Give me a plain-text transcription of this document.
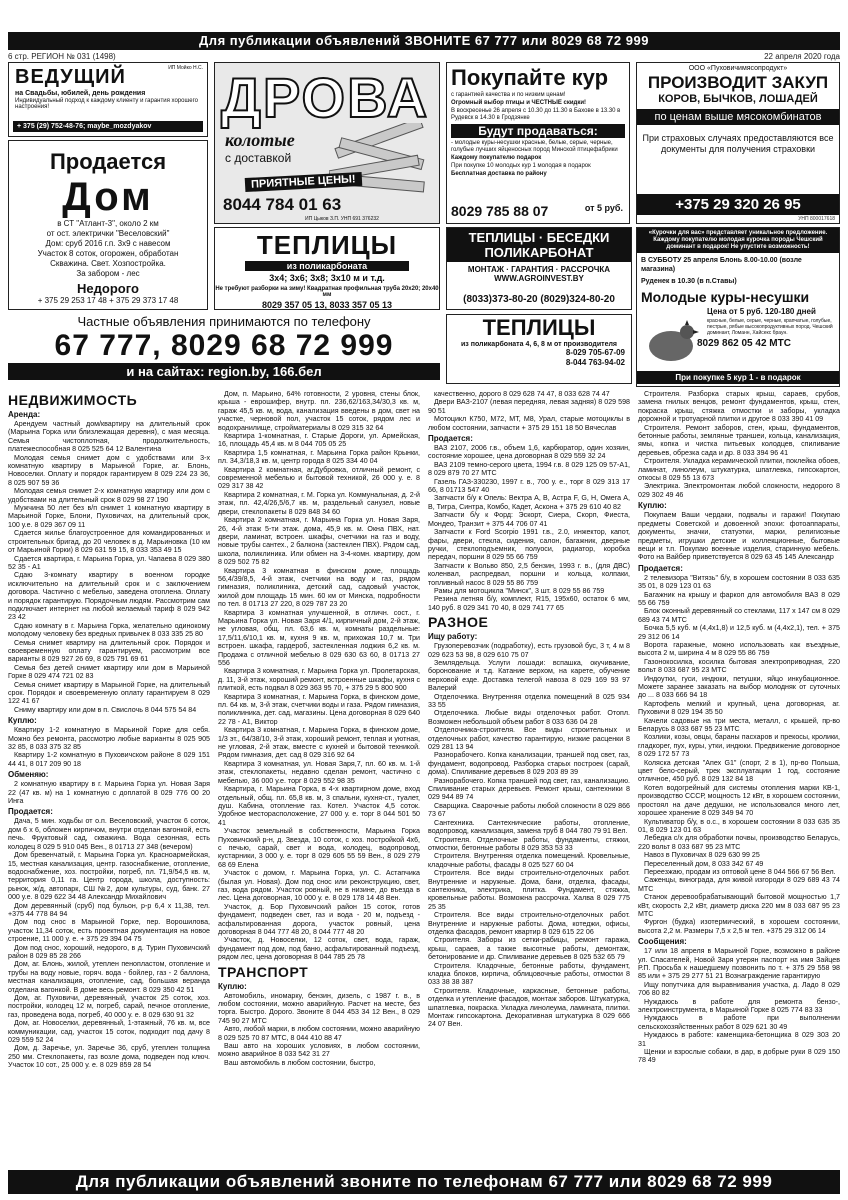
Для публикации объявлений ЗВОНИТЕ 67 777 или 8029 68 72 999
6 стр. РЕГИОН № 031 (1498)	22 апреля 2020 года
ИП Мойко Н.С.
ВЕДУЩИЙ
на Свадьбы, юбилей, день рождения
Индивидуальный подход к каждому клиенту и гарантия хорошего настроения!
+ 375 (29) 752-48-76; maybe_mozdyakov
Продается
Дом
в СТ "Атлант-3", около 2 км
от ост. электрички "Веселовский"
Дом: сруб 2016 г.п. 3х9 с навесом
Участок 8 соток, огорожен, обработан
Скважина. Свет. Хозпостройка.
За забором - лес
Недорого
+ 375 29 253 17 48 + 375 29 373 17 48
ДРОВА
колотые
с доставкой
ПРИЯТНЫЕ ЦЕНЫ!
8044 784 01 63
ИП Цыков З.П. УНП 691 376232
ТЕПЛИЦЫ
из поликарбоната
3х4; 3х6; 3х8; 3х10 м и т.д.
Не требуют разборки на зиму! Квадратная профильная труба 20х20; 20х40 мм
8029 357 05 13, 8033 357 05 13
Покупайте кур
с гарантией качества и по низким ценам!
Огромный выбор птицы и ЧЕСТНЫЕ скидки!
В воскресенье 26 апреля с 10.30 до 11.30 в Бахове в 13.30 в Рудевск в 14.30 в Гродзянке
Будут продаваться:
- молодые куры-несушки красные, белые, серые, черные, голубые лучших яйценосных пород Минской птицефабрики
Каждому покупателю подарок
При покупке 10 молодых кур 1 молодая в подарок
Бесплатная доставка по району
8029 785 88 07	от 5 руб.
ООО «Пуховичимясопродукт»
ПРОИЗВОДИТ ЗАКУП
КОРОВ, БЫЧКОВ, ЛОШАДЕЙ
по ценам выше мясокомбинатов
При страховых случаях предоставляются все документы для получения страховки
+375 29 320 26 95
УНП 800017618
ТЕПЛИЦЫ · БЕСЕДКИ ПОЛИКАРБОНАТ
МОНТАЖ · ГАРАНТИЯ · РАССРОЧКА
WWW.AGROINVEST.BY
(8033)373-80-20 (8029)324-80-20
«Курочки для вас» представляет уникальное предложение. Каждому покупателю молодая курочка породы Чешский доминант в подарок! Не упустите возможность!
В СУББОТУ 25 апреля Блонь 8.00-10.00 (возле магазина)
Руденек в 10.30 (в п.Ставы)
Молодые куры-несушки
Цена от 5 руб. 120-180 дней
красные, белые, серые, черные, крапчатые, голубые, пестрые, рябые высокопродуктивных пород. Чешский доминант, Ломанн, Хайсекс браун.
8029 862 05 42 МТС
При покупке 5 кур 1 - в подарок
Частные объявления принимаются по телефону
67 777, 8029 68 72 999
и на сайтах: region.by, 166.бел
ТЕПЛИЦЫ
из поликарбоната 4, 6, 8 м от производителя
8-029 705-67-09
8-044 763-94-02
НЕДВИЖИМОСТЬ
Аренда:

Арендуем частный дом/квартиру на длительный срок (Марьина Горка или близлежащая деревня), с мая месяца. Семья чистоплотная, продолжительность, платежеспособная 8 025 525 64 12 Валентина

Молодая семья снимет дом с удобствами или 3-х комнатную квартиру в Марьиной Горке, аг. Блонь, Новоселки. Оплату и порядок гарантируем 8 029 224 23 36, 8 025 907 59 36

Молодая семья снимет 2-х комнатную квартиру или дом с удобствами на длительный срок 8 029 98 27 190

Мужчина 50 лет без в/п снимет 1 комнатную квартиру в Марьиной Горке, Блони, Пуховичах, на длительный срок, 100 у.е. 8 029 367 09 11

Сдается жилье благоустроенное для командированных и строительных бригад, до 20 человек в д. Марьиновка (10 км от Марьиной Горки) 8 029 631 59 15, 8 033 353 49 15

Сдается квартира, г. Марьина Горка, ул. Чапаева 8 029 380 52 35 - А1

Сдаю 3-комнату квартиру в военном городке исключительно на длительный срок и с заключением договора. Частично с мебелью, заведена отоплена. Оплату и порядок гарантирую. Порядочным людям. Рассмотрим сам подключает интернет на любой желаемый тариф 8 029 942 23 42

Сдаю комнату в г. Марьина Горка, желательно одинокому молодому человеку без вредных привычек 8 033 335 25 80

Семья снимет квартиру на длительный срок. Порядок и своевременную оплату гарантируем, рассмотрим все варианты 8 029 927 26 69, 8 025 791 69 61

Семья без детей снимет квартиру или дом в Марьиной Горке 8 029 474 721 02 83

Семья снимет квартиру в Марьиной Горке, на длительный срок. Порядок и своевременную оплату гарантируем 8 029 122 41 67

Сниму квартиру или дом в п. Свислочь 8 044 575 54 84

Куплю:

Квартиру 1-2 комнатную в Марьиной Горке для себя. Можно без ремонта, рассмотрю любые варианты 8 025 905 32 85, 8 033 375 32 85

Квартиру 1-2 комнатную в Пуховичском районе 8 029 151 44 41, 8 017 209 90 18

Обменяю:

2 комнатную квартиру в г. Марьина Горка ул. Новая Заря 22 (47 кв. м) на 1 комнатную с доплатой 8 029 776 00 20 Инга

Продается:

Дача, 5 мин. ходьбы от о.п. Веселовский, участок 6 соток, дом 6 х 6, обложен кирпичом, внутри отделан вагонкой, есть печь. Фруктовый сад, скважина. Вода сезонная, есть колодец 8 029 5 910 045 Вен., 8 01713 27 348 (вечером)

Дом бревенчатый, г. Марьина Горка ул. Красноармейская, 15, местная канализация, центр. газоснабжение, отопление, водоснабжение, хоз. постройки, погреб, пл. 71,9/54,5 кв. м, территория 0,11 га. Центр города, школа, доступность: рынок, ж/д, автопарк, СШ №2, дом культуры, суд, банк. 27 000 у.е. 8 029 622 34 48 Александр Михайлович

Дом деревянный (сруб) под бульон, р-р 6,4 х 11,38, тел. +375 44 778 84 94

Дом под снос в Марьиной Горке, пер. Ворошилова, участок 11,34 соток, есть проектная документация на новое строение, 11 000 у. е. + 375 29 394 04 75

Дом под снос, хороший, недорого, в д. Турин Пуховичский район 8 029 85 28 266

Дом, аг. Блонь, жилой, утеплен пенопластом, отопление и трубы на воду новые, горяч. вода - бойлер, газ - 2 баллона, местная канализация, отопление, сад, большая веранда отделана вагонкой. В доме весь ремонт. 8 029 350 42 51

Дом, аг. Пуховичи, деревянный, участок 25 соток, хоз. постройки, колодец 12 м, погреб, сарай, печное отопление, газ, проведена вода, погреб, 40 000 у. е. 8 029 630 91 32

Дом, аг. Новоселки, деревянный, 1-этажный, 76 кв. м, все коммуникации, сад, участок 15 соток, подходит под дачу 8 029 559 52 24

Дом, д. Заречье, ул. Заречье 36, сруб, утеплен толщина 250 мм. Стеклопакеты, газ возле дома, подведен под ключ. Участок 10 сот., 25 000 у. е. 8 029 859 28 54

Дом, п. Марьино, 64% готовности, 2 уровня, стены блок, крыша - еврошифер, внутр. пл. 236,62/163,34/30,3 кв. м, гараж 45,5 кв. м, вода, канализация введены в дом, свет на участке, черновой пол, участок 15 соток, рядом лес и водохранилище, стройматериалы 8 029 315 32 64

Квартира 1-комнатная, г. Старые Дороги, ул. Армейская, 16, площадь 45,4 кв. м 8 044 705 05 25

Квартира 1,5 комнатная, г. Марьина Горка район Крынки, пл. 34,3/18,3 кв. м, центр города 8 025 334 40 04

Квартира 2 комнатная, аг.Дубровка, отличный ремонт, с современной мебелью и бытовой техникой, 26 000 у. е. 8 029 317 38 42

Квартира 2 комнатная, г. М. Горка ул. Коммунальная, д. 2-й этаж, пл. 42,4/26,5/6,7 кв. м, раздельный санузел, новые двери, стеклопакеты 8 029 848 34 60

Квартира 2 комнатная, г. Марьина Горка ул. Новая Заря, 26, 4-й этаж 5-ти этаж. дома, 45,9 кв. м. Окна ПВХ, нат. двери, ламинат, встроен. шкафы, счетчики на газ и воду, новые трубы сантех., 2 балкона (застеклен ПВХ). Рядом сад, школа, поликлиника. Или обмен на 3-4-комн. квартиру, дом 8 029 502 75 82

Квартира 3 комнатная в финском доме, площадь 56,4/39/8,5, 4-й этаж, счетчики на воду и газ, рядом гимназия, поликлиника, детский сад, садовый участок, жилой дом площадь 15 мин. 60 км от Минска, подробности по тел. 8 01713 27 220, 8 029 787 23 20

Квартира 3 комнатная улучшенной, в отличн. сост., г. Марьина Горка ул. Новая Заря 4/1, кирпичный дом, 2-й этаж, не угловая, общ. пл. 63,6 кв. м, комнаты раздельные: 17,5/11,6/10,1 кв. м, кухня 9 кв. м, прихожая 10,7 м. Три встроен. шкафа, гардероб, застекленная лоджия 6,2 кв. м. Продажа с отличной мебелью 8 029 630 63 60, 8 01713 27 556

Квартира 3 комнатная, г. Марьина Горка ул. Пролетарская, д. 11, 3-й этаж, хороший ремонт, встроенные шкафы, кухня с плиткой, есть подвал 8 029 363 95 70, + 375 29 5 800 900

Квартира 3 комнатная, г. Марьина Горка, в финском доме, пл. 64 кв. м, 3-й этаж, счетчики воды и газа. Рядом гимназия, поликлиника, дет. сад, магазины. Цена договорная 8 029 640 22 78 - А1, Виктор

Квартира 3 комнатная, г. Марьина Горка, в финском доме, 1/3 эт., 64/38/10, 3-й этаж, хороший ремонт, теплая и уютная, не угловая, 2-й этаж, вместе с кухней и бытовой техникой. Рядом гимназия, дет. сад 8 029 316 92 64

Квартира 3 комнатная, ул. Новая Заря,7, пл. 60 кв. м. 1-й этаж, стеклопакеты, недавно сделан ремонт, частично с мебелью, 36 000 у.е. торг 8 029 552 98 35

Квартира, г. Марьина Горка, в 4-х квартирном доме, вход отдельный, общ. пл. 65,8 кв. м, 3 спальни, кухня-ст., туалет, душ. Кабина, отопление газ. Котел. Участок 4,5 соток. Удобное месторасположение, 27 000 у. е. торг 8 044 501 50 41

Участок земельный в собственности, Марьина Горка Пуховичский р-н, д. Звезда, 10 соток, с хоз. постройкой 4х6, с печью, сарай, свет и вода, колодец, водопровод, кустарники, 3 000 у. е. торг 8 029 605 55 59 Вен., 8 029 279 68 69 Елена

Участок с домом, г. Марьина Горка, ул. С. Астапчика (былая ул. Новая). Дом под снос или реконструкцию, свет, газ, вода рядом. Участок ровный, не в низине, до въезда в лес. Цена договорная, 10 000 у. е. 8 029 178 14 48 Вен.

Участок, д. Бор Пуховичский район 15 соток, готов фундамент, подведен свет, газ и вода - 20 м, подъезд - асфальтированная дорога, участок ровный, цена договорная 8 044 777 48 20, 8 044 777 48 20

Участок, д. Новоселки, 12 соток, свет, вода, гараж, фундамент под дом, под баню, асфальтированный подъезд, рядом лес, цена договорная 8 044 785 25 78

ТРАНСПОРТ
Куплю:

Автомобиль, иномарку, бензин, дизель, с 1987 г. в., в любом состоянии, можно аварийную. Расчет на месте, без торга. Быстро. Дорого. Звоните 8 044 453 34 12 Вен., 8 029 745 90 27 МТС

Авто, любой марки, в любом состоянии, можно аварийную 8 029 525 70 87 МТС, 8 044 410 88 47

Ваш авто на хороших условиях, в любом состоянии, можно аварийное 8 033 542 31 27

Ваш автомобиль в любом состоянии, быстро,

качественно, дорого 8 029 628 74 47, 8 033 628 74 47

Двери ВАЗ-2107 (левая передняя, левая задняя) 8 029 598 90 51

Мотоцикл К750, М72, МТ, М8, Урал, старые мотоциклы в любом состоянии, запчасти + 375 29 151 18 50 Вячеслав

Продается:

ВАЗ 2107, 2006 г.в., объем 1,6, карбюратор, один хозяин, состояние хорошее, цена договорная 8 029 559 32 24

ВАЗ 2109 темно-серого цвета, 1994 г.в. 8 029 125 09 57-А1, 8 029 879 70 27 МТС

Газель ГАЗ-330230, 1997 г. в., 700 у. е., торг 8 029 313 17 66, 8 01713 547 40

Запчасти б/у к Опель: Вектра А, В, Астра F, G, H, Омега А, В, Тигра, Синтра, Комбо, Кадет, Аскона + 375 29 610 40 82

Запчасти б/у к Форд: Эскорт, Сиера, Скорп, Фиеста, Мондео, Транзит + 375 44 706 07 41

Запчасти к Ford Scorpio 1991 г.в., 2.0, инжектор, капот, фары, двери, стекла, сидения, салон, багажник, дверные ручки, стеклоподъемник, полуоси, радиатор, коробка передач, поршни 8 029 55 66 759

Запчасти к Вольво 850, 2,5 бензин, 1993 г. в., (для ДВС) коленвал, распредвал, поршни и кольца, колпаки, топливный насос 8 029 55 86 759

Рамы для мотоцикла "Минск", 3 шт. 8 029 55 86 759

Резина летняя б/у, комплект, R15, 195х60, остаток 6 мм, 140 руб. 8 029 341 70 40, 8 029 741 77 65

РАЗНОЕ
Ищу работу:

Грузоперевозчик (подработку), есть грузовой бус, 3 т, 4 м 8 029 623 53 98, 8 029 610 75 07

Землядельца. Услуги лошади: вспашка, окучивание, боронование и т.д. Катание верхом, на карете, обучение верховой езде. Доставка телегой навоза 8 029 169 93 97 Валерий

Отделочника. Внутренняя отделка помещений 8 025 934 33 55

Отделочника. Любые виды отделочных работ. Отопл. Возможен небольшой объем работ 8 033 636 04 28

Отделочника-строителя. Все виды строительных и отделочных работ, качество гарантирую, низкие расценки 8 029 281 13 94

Разнорабочего. Копка канализации, траншей под свет, газ, фундамент, водопровод. Разборка старых построек (сарай, дома). Спиливание деревьев 8 029 203 89 39

Разнорабочего. Копка траншей под свет, газ, канализацию. Спиливание старых деревьев. Ремонт крыш, сантехники 8 029 944 89 74

Сварщика. Сварочные работы любой сложности 8 029 866 73 67

Сантехника. Сантехнические работы, отопление, водопровод, канализация, замена труб 8 044 780 79 91 Вел.

Строителя. Отделочные работы, фундаменты, стяжки, отмостки, бетонные работы 8 029 353 53 33

Строителя. Внутренняя отделка помещений. Кровельные, кладочные работы, фасады 8 025 527 60 04

Строителя. Все виды строительно-отделочных работ. Внутренние и наружные. Дома, бани, отделка, фасады, сантехника, электрика, плитка. Фундамент, стяжка, кровельные работы. Возможна рассрочка. Халва 8 029 775 25 35

Строителя. Все виды строительно-отделочных работ. Внутренние и наружные работы. Дома, котеджи, офисы, отделка фасадов, ремонт квартир 8 029 615 22 06

Строителя. Заборы из сетки-рабицы, ремонт гаража, крыш, сараев, а также высотные работы, демонтаж, бетонирование и др. Спиливание деревьев 8 025 532 65 79

Строителя. Кладочные, бетонные работы, фундамент, кладка блоков, кирпича, облицовочные работы, отмостки 8 033 38 38 387

Строителя. Кладочные, каркасные, бетонные работы, отделка и утепление фасадов, монтаж заборов. Штукатурка, шпатлевка, покраска. Укладка линолеума, ламината, плитки. Монтаж гипсокартона. Декоративная штукатурка 8 029 666 24 07 Вен.

Строителя. Разборка старых крыш, сараев, срубов, замена гнилых венцов, ремонт фундаментов, крыш, стен, покраска крыш, стяжка отмостки и заборы, укладка дорожной и тротуарной плитки и другое 8 033 390 41 09

Строителя. Ремонт заборов, стен, крыш, фундаментов, бетонные работы, земляные траншеи, кольца, канализация, ямы, копка и чистка питьевых колодцев, спиливание деревьев, обрезка сада и др. 8 033 394 96 41

Строителя. Укладка керамической плитки, поклейка обоев, ламинат, линолеум, штукатурка, шпатлевка, гипсокартон, откосы 8 029 55 13 673

Электрика. Электромонтаж любой сложности, недорого 8 029 302 49 46

Куплю:

Покупаем Ваши чердаки, подвалы и гаражи! Покупаю предметы Советской и довоенной эпохи: фотоаппараты, документы, значки, статуэтки, марки, религиозные предметы, игрушки детские и коллекционные, бытовые вещи и т.п. Покупаю военные изделия, старинную мебель. Фото на Вайбер приветствуется 8 029 63 45 145 Александр

Продается:

2 телевизора "Витязь" б/у, в хорошем состоянии 8 033 635 35 01, 8 029 123 01 63

Багажник на крышу и фаркоп для автомобиля ВАЗ 8 029 55 66 759

Блок оконный деревянный со стеклами, 117 х 147 см 8 029 689 43 74 МТС

Бочка 5,5 куб. м (4,4х1,8) и 12,5 куб. м (4,4х2,1), тел. + 375 29 312 06 14

Ворота гаражные, можно использовать как въездные, высота 2 м, ширина 4 м 8 029 55 86 759

Газонокосилка, косилка бытовая электроприводная, 220 вольт 8 033 687 95 23 МТС

Индоутки, гуси, индюки, петушки, яйцо инкубационное. Можете заранее заказать на выбор молодняк от суточных до ... 8 033 666 94 18

Картофель мелкий и крупный, цена договорная, аг. Пуховичи 8 029 194 35 50

Качели садовые на три места, металл, с крышей, пр-во Беларусь 8 033 687 95 23 МТС

Козлики, козы, овцы, бараны пасхаров и прекосы, кролики, гладкорег, пух, куры, утки, индюки. Предвижение договорное 8 029 172 57 73

Коляска детская "Апех G1" (спорт, 2 в 1), пр-во Польша, цвет бело-серый, трек эксплуатации 1 год, состояние отличное, 450 руб. 8 029 132 84 18

Котел водогрейный для системы отопления марки КВ-1, производство СССР, мощность 12 кВт, в хорошем состоянии, простоял на даче дедушки, не использовался много лет, хорошее хранение 8 029 349 94 70

Культиватор б/у, в о.с., в хорошем состоянии 8 033 635 35 01, 8 029 123 01 63

Лебедка с/х для обработки почвы, производство Беларусь, 220 вольт 8 033 687 95 23 МТС

Навоз в Пуховичах 8 029 630 99 25

Переселенный дом, 8 033 342 67 49

Переезжаю, продам из оптовой цене 8 044 566 67 56 Вел.

Саженцы, винограда, для живой изгороди 8 029 689 43 74 МТС

Станок деревообрабатывающий бытовой мощностью 1,7 кВт, скорость 2,2 кВт, диаметр диска 220 мм 8 033 687 95 23 МТС

Фургон (будка) изотермический, в хорошем состоянии, высота 2,2 м. Размеры 7,5 х 2,5 м тел. +375 29 312 06 14

Сообщения:

17 или 18 апреля в Марьиной Горке, возможно в районе ул. Спасателей, Новой Заря утерян паспорт на имя Зайцев Р.П. Просьба к нашедшему позвонить по т. + 375 29 558 98 85 или + 375 29 277 51 21 Вознаграждение гарантирую

Ищу попутчика для выравнивания участка, д. Ладо 8 029 706 80 82

Нуждаюсь в работе для ремонта бензо-, электроинструмента, в Марьиной Горке 8 025 774 83 33

Нуждаюсь в работе при выполнении сельскохозяйственных работ 8 029 621 30 49

Нуждаюсь в работе: каменщика-бетонщика 8 029 303 20 31

Щенки и взрослые собаки, в дар, в добрые руки 8 029 150 78 49

Для публикации объявлений звоните по телефонам 67 777 или 8029 68 72 999
